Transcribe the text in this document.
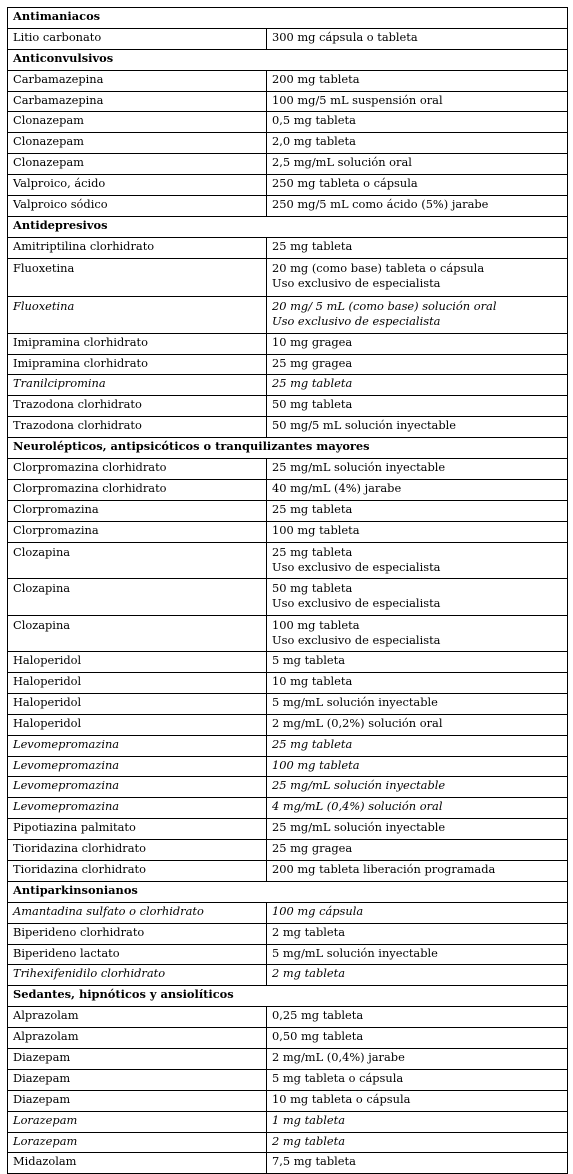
Antimaniacos	
Litio carbonato	300 mg cápsula o tableta

Anticonvulsivos	
Carbamazepina	200 mg tableta

Carbamazepina	100 mg/5 mL suspensión oral

Clonazepam	0,5 mg tableta

Clonazepam	2,0 mg tableta

Clonazepam	2,5 mg/mL solución oral

Valproico, ácido	250 mg tableta o cápsula

Valproico sódico	250 mg/5 mL como ácido (5%) jarabe

Antidepresivos	
Amitriptilina clorhidrato	25 mg tableta

Fluoxetina	20 mg (como base) tableta o cápsula
Uso exclusivo de especialista

Fluoxetina	20 mg/ 5 mL (como base) solución oral
Uso exclusivo de especialista

Imipramina clorhidrato	10 mg gragea

Imipramina clorhidrato	25 mg gragea

Tranilcipromina	25 mg tableta

Trazodona clorhidrato	50 mg tableta

Trazodona clorhidrato	50 mg/5 mL solución inyectable

Neurolépticos, antipsicóticos o tranquilizantes mayores	
Clorpromazina clorhidrato	25 mg/mL solución inyectable

Clorpromazina clorhidrato	40 mg/mL (4%) jarabe

Clorpromazina	25 mg tableta

Clorpromazina	100 mg tableta

Clozapina	25 mg tableta
Uso exclusivo de especialista

Clozapina	50 mg tableta
Uso exclusivo de especialista

Clozapina	100 mg tableta
Uso exclusivo de especialista

Haloperidol	5 mg tableta

Haloperidol	10 mg tableta

Haloperidol	5 mg/mL solución inyectable

Haloperidol	2 mg/mL (0,2%) solución oral

Levomepromazina	25 mg tableta

Levomepromazina	100 mg tableta

Levomepromazina	25 mg/mL solución inyectable

Levomepromazina	4 mg/mL (0,4%) solución oral

Pipotiazina palmitato	25 mg/mL solución inyectable

Tioridazina clorhidrato	25 mg gragea

Tioridazina clorhidrato	200 mg tableta liberación programada

Antiparkinsonianos	
Amantadina sulfato o clorhidrato	100 mg cápsula

Biperideno clorhidrato	2 mg tableta

Biperideno lactato	5 mg/mL solución inyectable

Trihexifenidilo clorhidrato	2 mg tableta

Sedantes, hipnóticos y ansiolíticos	
Alprazolam	0,25 mg tableta

Alprazolam	0,50 mg tableta

Diazepam	2 mg/mL (0,4%) jarabe

Diazepam	5 mg tableta o cápsula

Diazepam	10 mg tableta o cápsula

Lorazepam	1 mg tableta

Lorazepam	2 mg tableta

Midazolam	7,5 mg tableta
